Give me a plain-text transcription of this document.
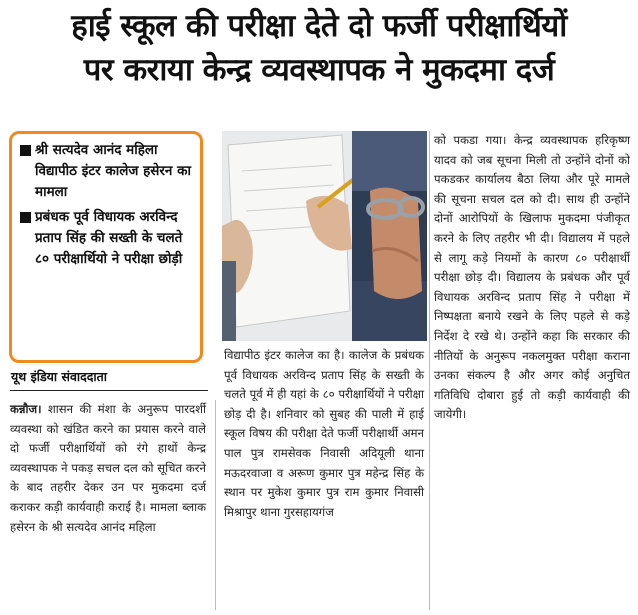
हाई स्कूल की परीक्षा देते दो फर्जी परीक्षार्थियों
पर कराया केन्द्र व्यवस्थापक ने मुकदमा दर्ज
श्री सत्यदेव आनंद महिला विद्यापीठ इंटर कालेज हसेरन का मामला
प्रबंधक पूर्व विधायक अरविन्द प्रताप सिंह की सख्ती के चलते ८० परीक्षार्थियो ने परीक्षा छोड़ी
यूथ इंडिया संवाददाता
कन्नौज। शासन की मंशा के अनुरूप पारदर्शी व्यवस्था को खंडित करने का प्रयास करने वाले दो फर्जी परीक्षार्थियों को रंगे हाथों केन्द्र व्यवस्थापक ने पकड़ सचल दल को सूचित करने के बाद तहरीर देकर उन पर मुकदमा दर्ज कराकर कड़ी कार्यवाही कराई है। मामला ब्लाक हसेरन के श्री सत्यदेव आनंद महिला
विद्यापीठ इंटर कालेज का है। कालेज के प्रबंधक पूर्व विधायक अरविन्द प्रताप सिंह के सख्ती के चलते पूर्व में ही यहां के ८० परीक्षार्थियों ने परीक्षा छोड़ दी है। शनिवार को सुबह की पाली में हाई स्कूल विषय की परीक्षा देते फर्जी परीक्षार्थी अमन पाल पुत्र रामसेवक निवासी अदियूली थाना मऊदरवाजा व अरूण कुमार पुत्र महेन्द्र सिंह के स्थान पर मुकेश कुमार पुत्र राम कुमार निवासी मिश्रापुर थाना गुरसहायगंज
को पकडा गया। केन्द्र व्यवस्थापक हरिकृष्ण यादव को जब सूचना मिली तो उन्होंने दोनों को पकडकर कार्यालय बैठा लिया और पूरे मामले की सूचना सचल दल को दी। साथ ही उन्होंने दोनों आरोपियों के खिलाफ मुकदमा पंजीकृत करने के लिए तहरीर भी दी। विद्यालय में पहले से लागू कड़े नियमों के कारण ८० परीक्षार्थी परीक्षा छोड़ दी। विद्यालय के प्रबंधक और पूर्व विधायक अरविन्द प्रताप सिंह ने परीक्षा में निष्पक्षता बनाये रखने के लिए पहले से कड़े निर्देश दे रखे थे। उन्होंने कहा कि सरकार की नीतियों के अनुरूप नकलमुक्त परीक्षा कराना उनका संकल्प है और अगर कोई अनुचित गतिविधि दोबारा हुई तो कड़ी कार्यवाही की जायेगी।
